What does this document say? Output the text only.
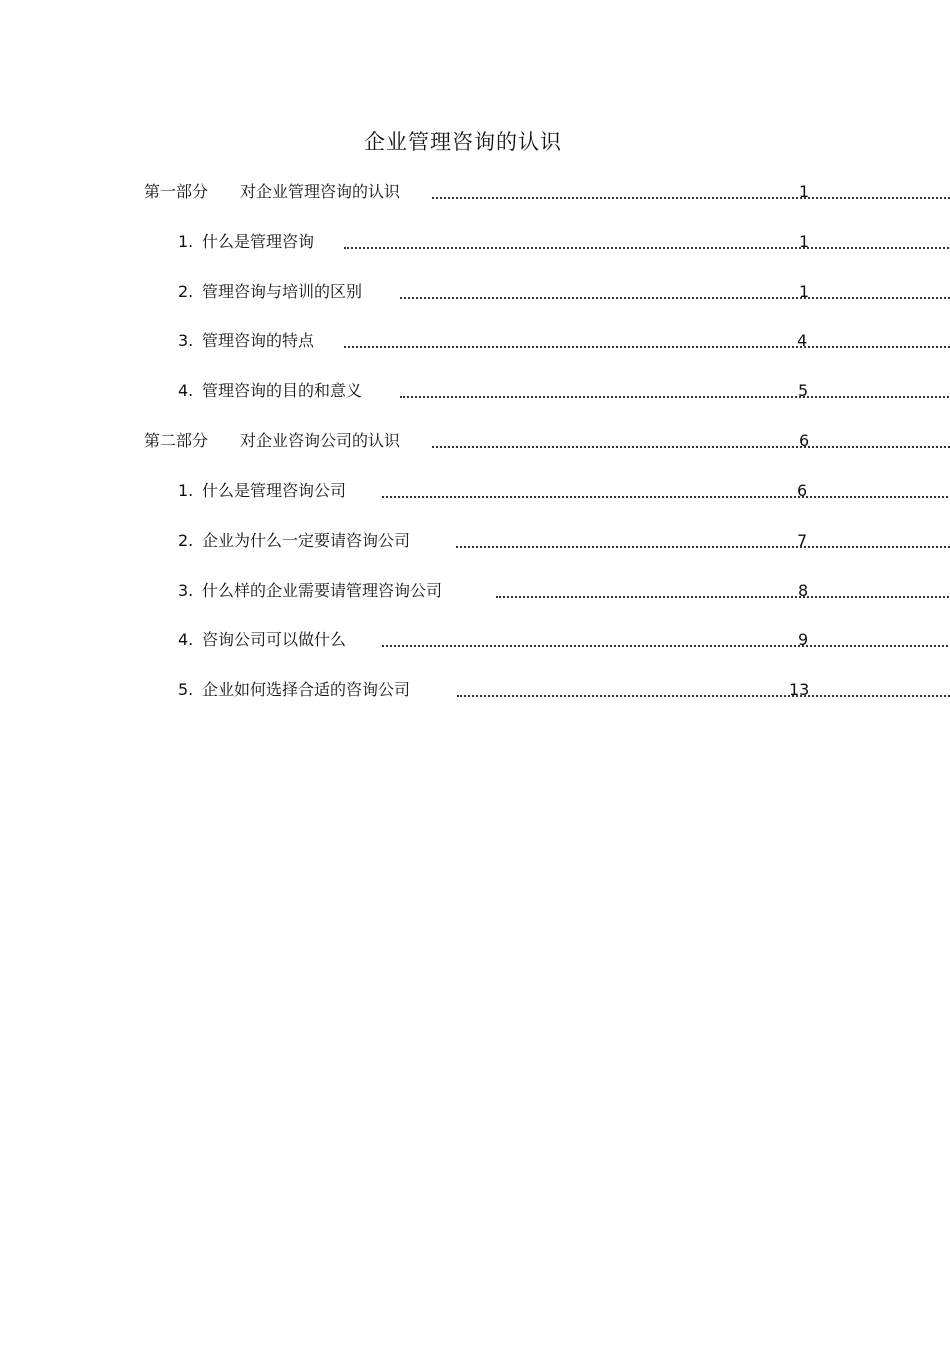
企业管理咨询的认识
第一部分 对企业管理咨询的认识	1
1. 什么是管理咨询	1
2. 管理咨询与培训的区别	1
3. 管理咨询的特点	4
4. 管理咨询的目的和意义	5
第二部分 对企业咨询公司的认识	6
1. 什么是管理咨询公司	6
2. 企业为什么一定要请咨询公司	7
3. 什么样的企业需要请管理咨询公司	8
4. 咨询公司可以做什么	9
5. 企业如何选择合适的咨询公司	13
